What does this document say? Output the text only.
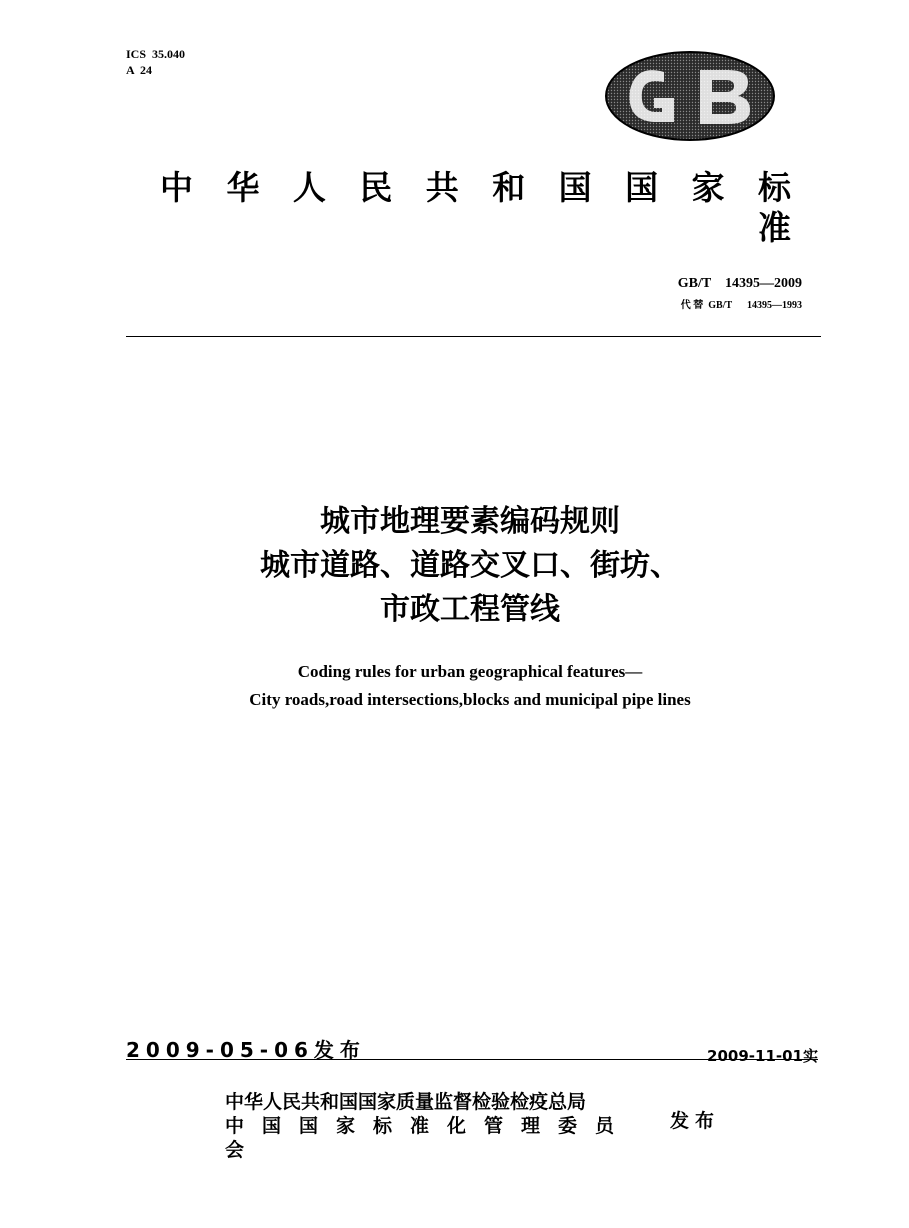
ICS  35.040
A  24
中华人民共和国国家标准
GB/T    14395—2009
代 替  GB/T      14395—1993
城市地理要素编码规则
城市道路、道路交叉口、街坊、
市政工程管线
Coding rules for urban geographical features—
City roads,road intersections,blocks and municipal pipe lines
2009-05-06发布	2009-11-01实
中华人民共和国国家质量监督检验检疫总局
中国国家标准化管理委员会
发布
